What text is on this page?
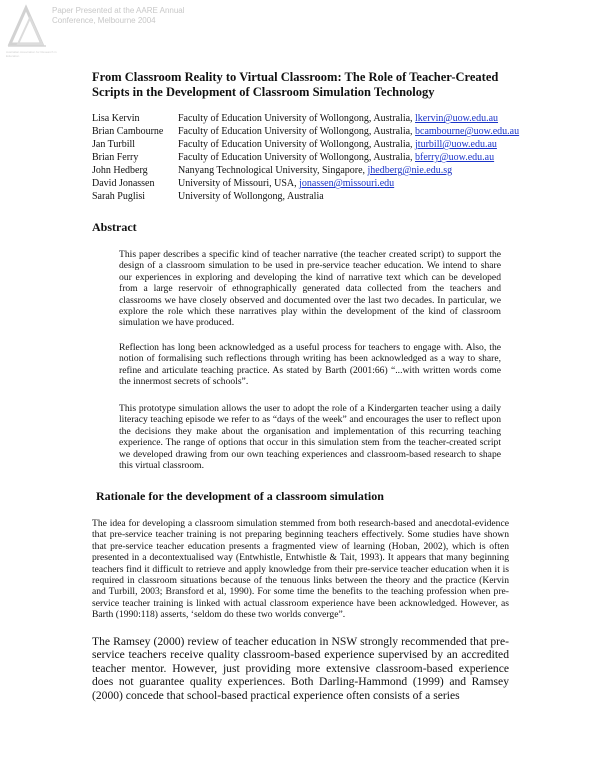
Paper Presented at the AARE Annual
Conference, Melbourne 2004
Australian Association for Research in Education
From Classroom Reality to Virtual Classroom: The Role of Teacher-Created Scripts in the Development of Classroom Simulation Technology
Lisa Kervin	Faculty of Education University of Wollongong, Australia, lkervin@uow.edu.au
Brian Cambourne	Faculty of Education University of Wollongong, Australia, bcambourne@uow.edu.au
Jan Turbill	Faculty of Education University of Wollongong, Australia, jturbill@uow.edu.au
Brian Ferry	Faculty of Education University of Wollongong, Australia, bferry@uow.edu.au
John Hedberg	Nanyang Technological University, Singapore, jhedberg@nie.edu.sg
David Jonassen	University of Missouri, USA, jonassen@missouri.edu
Sarah Puglisi	University of Wollongong, Australia
Abstract

This paper describes a specific kind of teacher narrative (the teacher created script) to support the design of a classroom simulation to be used in pre-service teacher education. We intend to share our experiences in exploring and developing the kind of narrative text which can be developed from a large reservoir of ethnographically generated data collected from the teachers and classrooms we have closely observed and documented over the last two decades. In particular, we explore the role which these narratives play within the development of the kind of classroom simulation we have produced.

Reflection has long been acknowledged as a useful process for teachers to engage with. Also, the notion of formalising such reflections through writing has been acknowledged as a way to share, refine and articulate teaching practice. As stated by Barth (2001:66) “...with written words come the innermost secrets of schools”.

This prototype simulation allows the user to adopt the role of a Kindergarten teacher using a daily literacy teaching episode we refer to as “days of the week” and encourages the user to reflect upon the decisions they make about the organisation and implementation of this recurring teaching experience. The range of options that occur in this simulation stem from the teacher-created script we developed drawing from our own teaching experiences and classroom-based research to shape this virtual classroom.

Rationale for the development of a classroom simulation

The idea for developing a classroom simulation stemmed from both research-based and anecdotal-evidence that pre-service teacher training is not preparing beginning teachers effectively. Some studies have shown that pre-service teacher education presents a fragmented view of learning (Hoban, 2002), which is often presented in a decontextualised way (Entwhistle, Entwhistle & Tait, 1993). It appears that many beginning teachers find it difficult to retrieve and apply knowledge from their pre-service teacher education when it is required in classroom situations because of the tenuous links between the theory and the practice (Kervin and Turbill, 2003; Bransford et al, 1990). For some time the benefits to the teaching profession when pre-service teacher training is linked with actual classroom experience have been acknowledged. However, as Barth (1990:118) asserts, ‘seldom do these two worlds converge”.

The Ramsey (2000) review of teacher education in NSW strongly recommended that pre-service teachers receive quality classroom-based experience supervised by an accredited teacher mentor. However, just providing more extensive classroom-based experience does not guarantee quality experiences. Both Darling-Hammond (1999) and Ramsey (2000) concede that school-based practical experience often consists of a series
